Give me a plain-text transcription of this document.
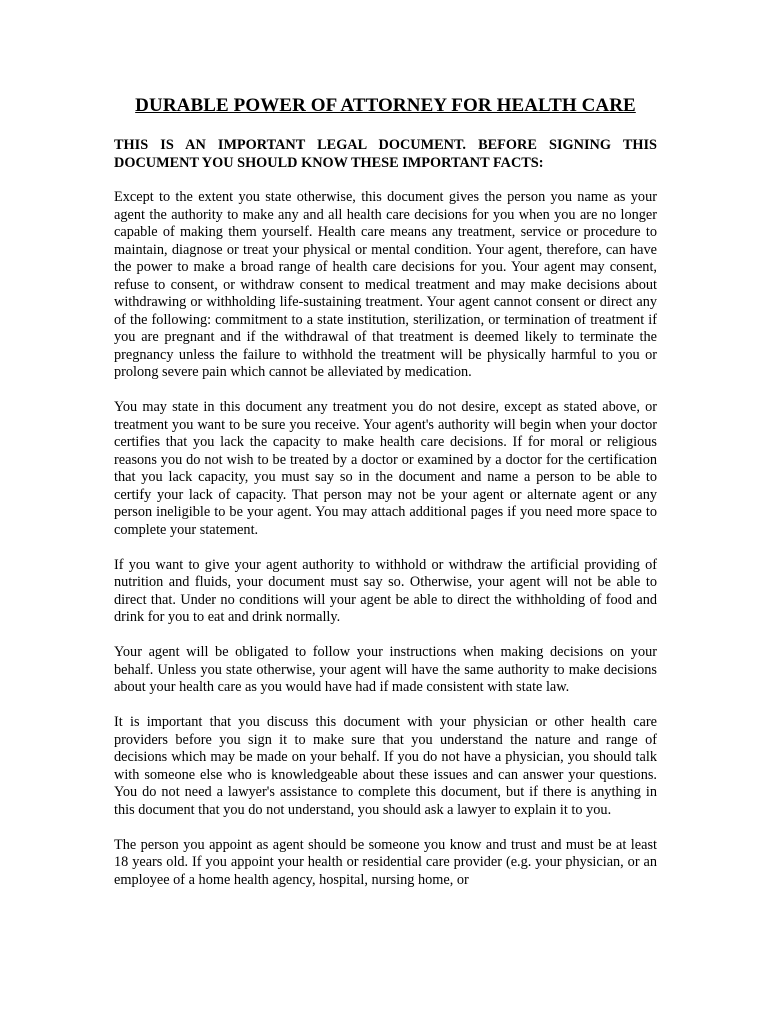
DURABLE POWER OF ATTORNEY FOR HEALTH CARE

THIS IS AN IMPORTANT LEGAL DOCUMENT. BEFORE SIGNING THIS DOCUMENT YOU SHOULD KNOW THESE IMPORTANT FACTS:

Except to the extent you state otherwise, this document gives the person you name as your agent the authority to make any and all health care decisions for you when you are no longer capable of making them yourself. Health care means any treatment, service or procedure to maintain, diagnose or treat your physical or mental condition. Your agent, therefore, can have the power to make a broad range of health care decisions for you. Your agent may consent, refuse to consent, or withdraw consent to medical treatment and may make decisions about withdrawing or withholding life-sustaining treatment. Your agent cannot consent or direct any of the following: commitment to a state institution, sterilization, or termination of treatment if you are pregnant and if the withdrawal of that treatment is deemed likely to terminate the pregnancy unless the failure to withhold the treatment will be physically harmful to you or prolong severe pain which cannot be alleviated by medication.

You may state in this document any treatment you do not desire, except as stated above, or treatment you want to be sure you receive. Your agent's authority will begin when your doctor certifies that you lack the capacity to make health care decisions. If for moral or religious reasons you do not wish to be treated by a doctor or examined by a doctor for the certification that you lack capacity, you must say so in the document and name a person to be able to certify your lack of capacity. That person may not be your agent or alternate agent or any person ineligible to be your agent. You may attach additional pages if you need more space to complete your statement.

If you want to give your agent authority to withhold or withdraw the artificial providing of nutrition and fluids, your document must say so. Otherwise, your agent will not be able to direct that. Under no conditions will your agent be able to direct the withholding of food and drink for you to eat and drink normally.

Your agent will be obligated to follow your instructions when making decisions on your behalf. Unless you state otherwise, your agent will have the same authority to make decisions about your health care as you would have had if made consistent with state law.

It is important that you discuss this document with your physician or other health care providers before you sign it to make sure that you understand the nature and range of decisions which may be made on your behalf. If you do not have a physician, you should talk with someone else who is knowledgeable about these issues and can answer your questions. You do not need a lawyer's assistance to complete this document, but if there is anything in this document that you do not understand, you should ask a lawyer to explain it to you.

The person you appoint as agent should be someone you know and trust and must be at least 18 years old. If you appoint your health or residential care provider (e.g. your physician, or an employee of a home health agency, hospital, nursing home, or
